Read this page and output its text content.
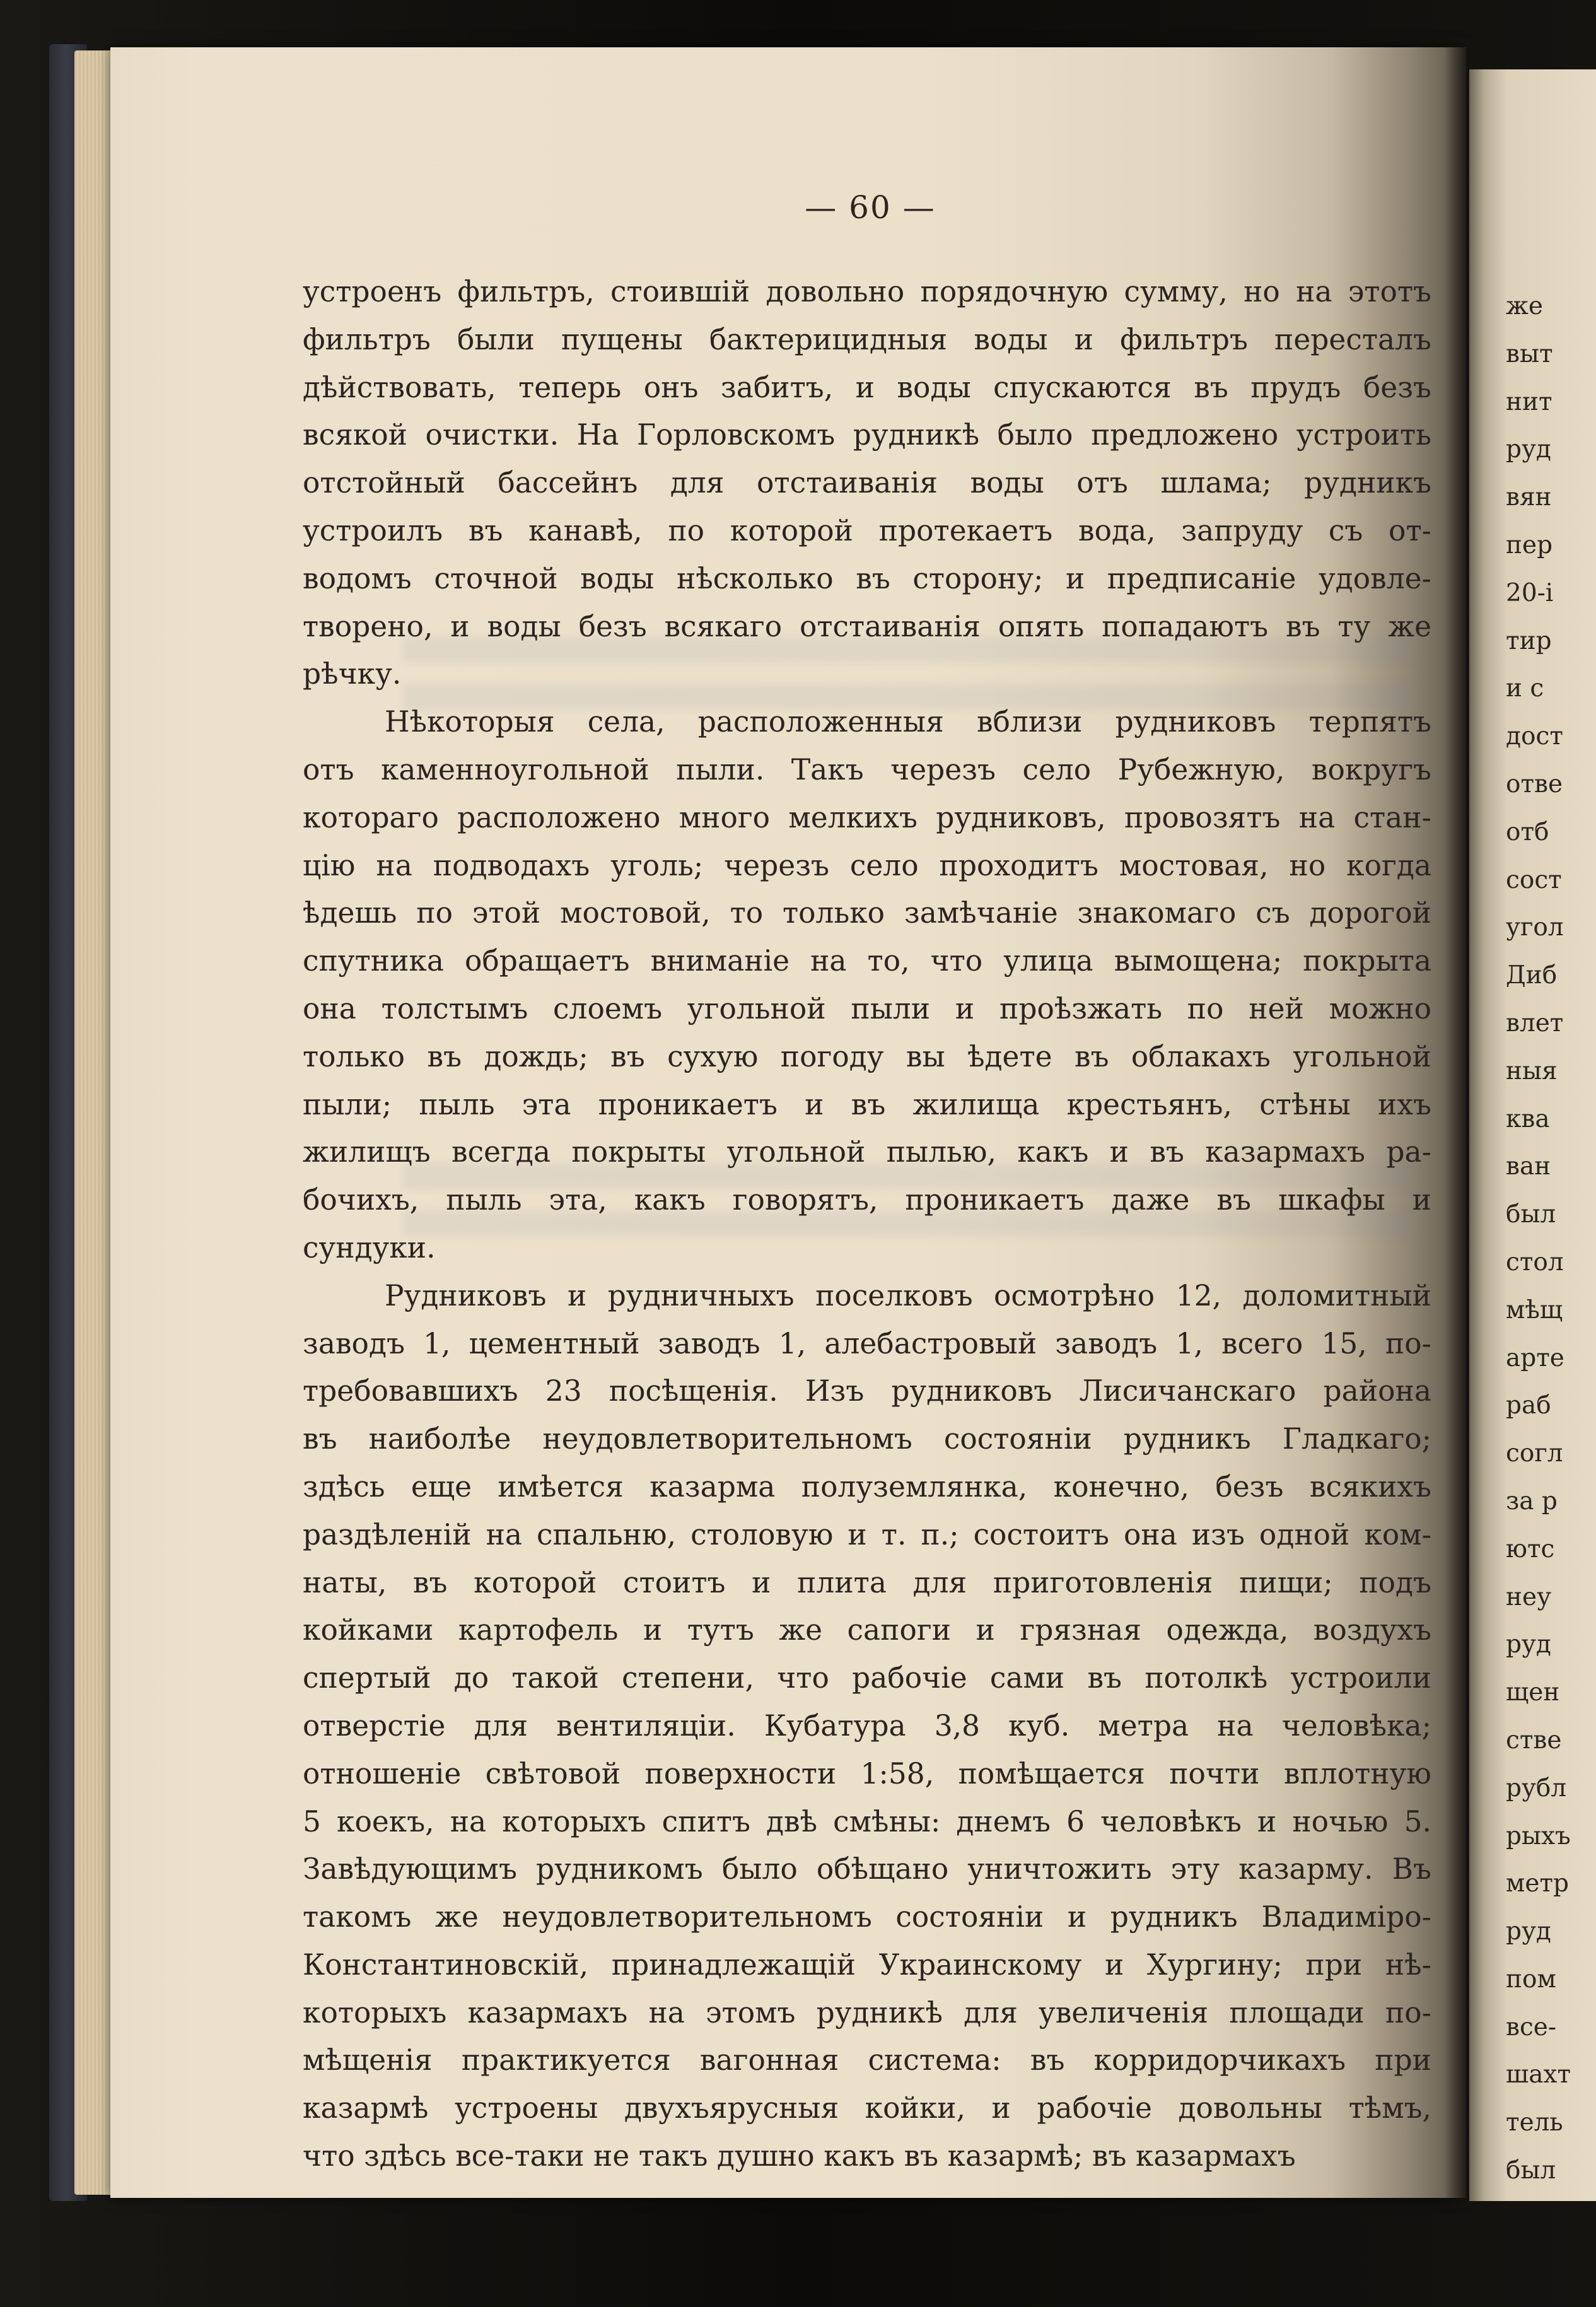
— 60 —
устроенъ фильтръ, стоившій довольно порядочную сумму, но на этотъ
фильтръ были пущены бактерицидныя воды и фильтръ пересталъ
дѣйствовать, теперь онъ забитъ, и воды спускаются въ прудъ безъ
всякой очистки. На Горловскомъ рудникѣ было предложено устроить
отстойный бассейнъ для отстаиванія воды отъ шлама; рудникъ
устроилъ въ канавѣ, по которой протекаетъ вода, запруду съ от-
водомъ сточной воды нѣсколько въ сторону; и предписаніе удовле-
творено, и воды безъ всякаго отстаиванія опять попадаютъ въ ту же
рѣчку.
Нѣкоторыя села, расположенныя вблизи рудниковъ терпятъ
отъ каменноугольной пыли. Такъ черезъ село Рубежную, вокругъ
котораго расположено много мелкихъ рудниковъ, провозятъ на стан-
цію на подводахъ уголь; черезъ село проходитъ мостовая, но когда
ѣдешь по этой мостовой, то только замѣчаніе знакомаго съ дорогой
спутника обращаетъ вниманіе на то, что улица вымощена; покрыта
она толстымъ слоемъ угольной пыли и проѣзжать по ней можно
только въ дождь; въ сухую погоду вы ѣдете въ облакахъ угольной
пыли; пыль эта проникаетъ и въ жилища крестьянъ, стѣны ихъ
жилищъ всегда покрыты угольной пылью, какъ и въ казармахъ ра-
бочихъ, пыль эта, какъ говорятъ, проникаетъ даже въ шкафы и
сундуки.
Рудниковъ и рудничныхъ поселковъ осмотрѣно 12, доломитный
заводъ 1, цементный заводъ 1, алебастровый заводъ 1, всего 15, по-
требовавшихъ 23 посѣщенія. Изъ рудниковъ Лисичанскаго района
въ наиболѣе неудовлетворительномъ состояніи рудникъ Гладкаго;
здѣсь еще имѣется казарма полуземлянка, конечно, безъ всякихъ
раздѣленій на спальню, столовую и т. п.; состоитъ она изъ одной ком-
наты, въ которой стоитъ и плита для приготовленія пищи; подъ
койками картофель и тутъ же сапоги и грязная одежда, воздухъ
спертый до такой степени, что рабочіе сами въ потолкѣ устроили
отверстіе для вентиляціи. Кубатура 3,8 куб. метра на человѣка;
отношеніе свѣтовой поверхности 1:58, помѣщается почти вплотную
5 коекъ, на которыхъ спитъ двѣ смѣны: днемъ 6 человѣкъ и ночью 5.
Завѣдующимъ рудникомъ было обѣщано уничтожить эту казарму. Въ
такомъ же неудовлетворительномъ состояніи и рудникъ Владиміро-
Константиновскій, принадлежащій Украинскому и Хургину; при нѣ-
которыхъ казармахъ на этомъ рудникѣ для увеличенія площади по-
мѣщенія практикуется вагонная система: въ корридорчикахъ при
казармѣ устроены двухъярусныя койки, и рабочіе довольны тѣмъ,
что здѣсь все-таки не такъ душно какъ въ казармѣ; въ казармахъ
же
выт
нит
руд
вян
пер
20-і
тир
и с
дост
отве
отб
сост
угол
Диб
влет
ныя
ква
ван
был
стол
мѣщ
арте
раб
согл
за р
ютс
неу
руд
щен
стве
рубл
рыхъ
метр
руд
пом
все-
шахт
тель
был
